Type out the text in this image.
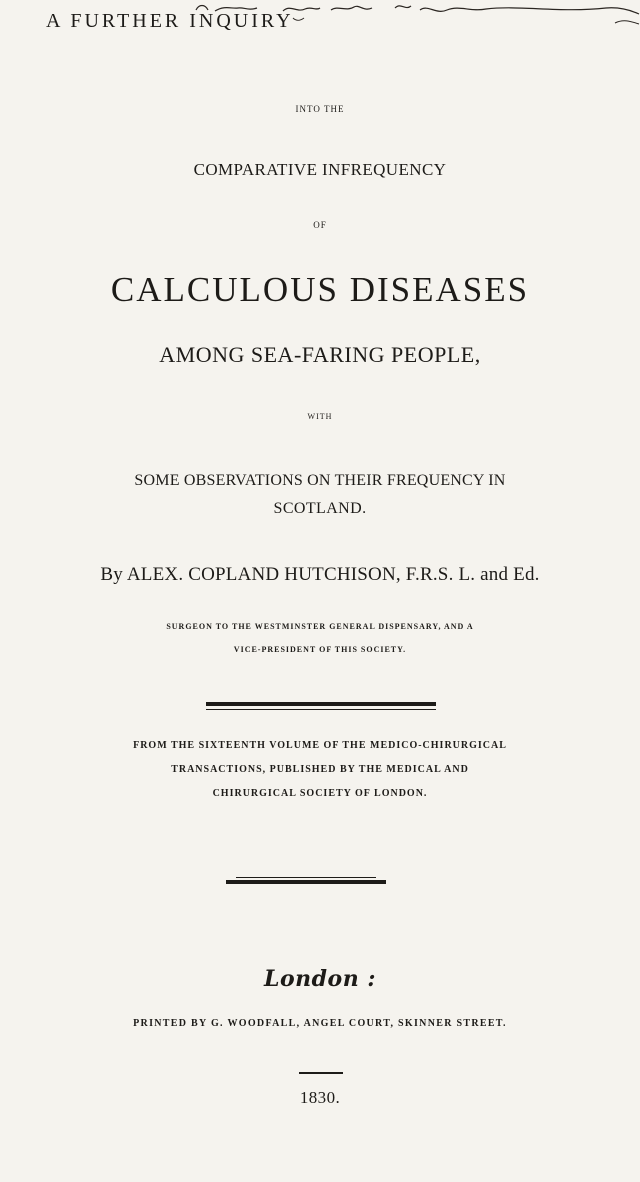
A FURTHER INQUIRY
INTO THE
COMPARATIVE INFREQUENCY
OF
CALCULOUS DISEASES
AMONG SEA-FARING PEOPLE,
WITH
SOME OBSERVATIONS ON THEIR FREQUENCY IN
SCOTLAND.
By ALEX. COPLAND HUTCHISON, F.R.S. L. and Ed.
SURGEON TO THE WESTMINSTER GENERAL DISPENSARY, AND A
VICE-PRESIDENT OF THIS SOCIETY.
FROM THE SIXTEENTH VOLUME OF THE MEDICO-CHIRURGICAL
TRANSACTIONS, PUBLISHED BY THE MEDICAL AND
CHIRURGICAL SOCIETY OF LONDON.
London :
PRINTED BY G. WOODFALL, ANGEL COURT, SKINNER STREET.
1830.
